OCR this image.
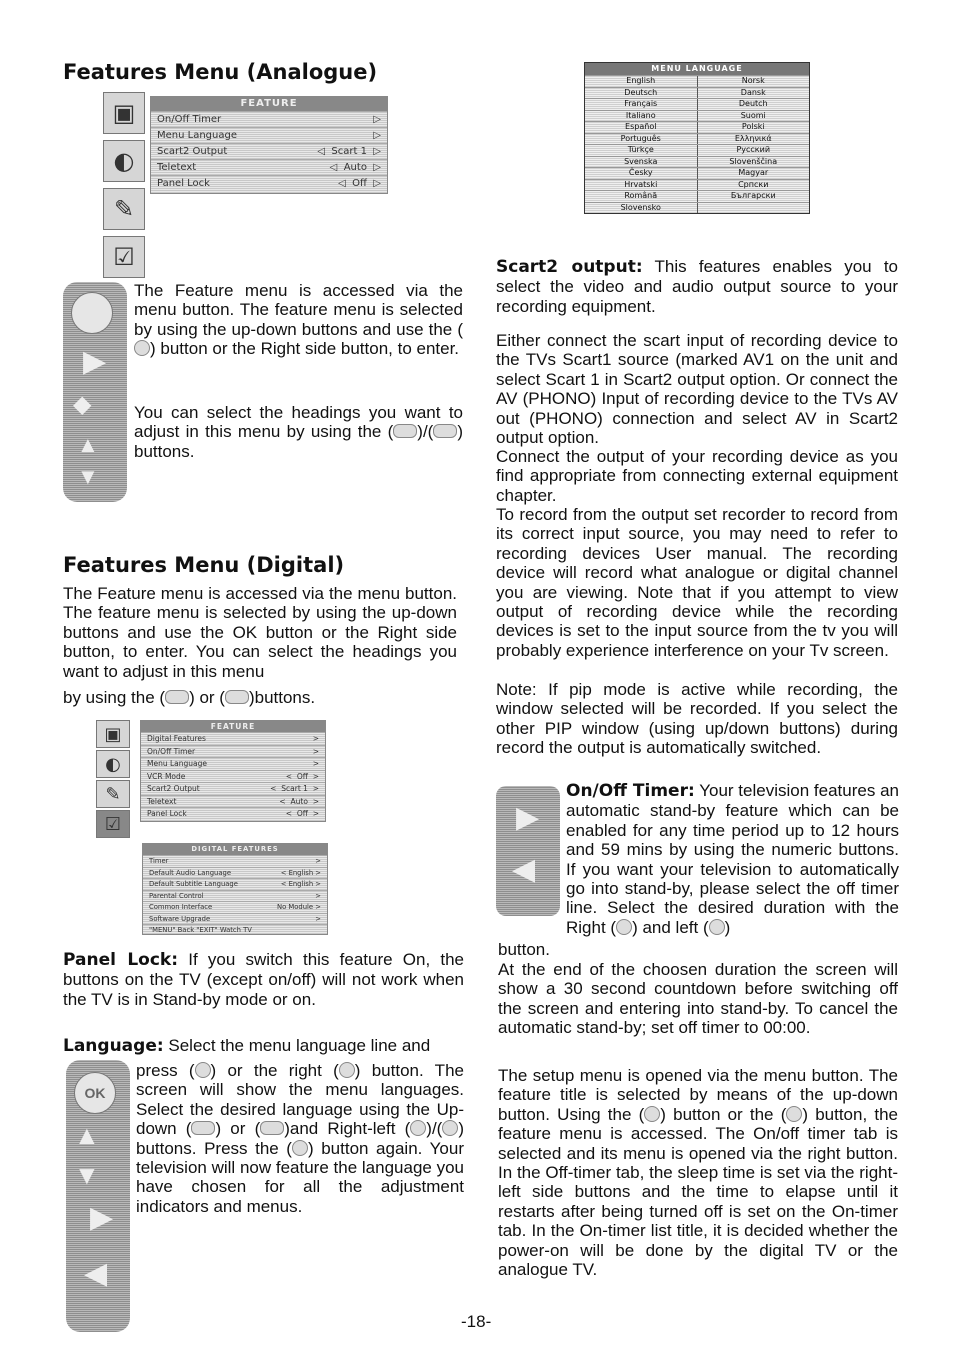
Features Menu (Analogue)
▣
◐
✎
☑
FEATURE
On/Off Timer	▷
Menu Language	▷
Scart2 Output	◁ Scart 1 ▷
Teletext	◁ Auto ▷
Panel Lock	◁ Off ▷
▶
◆
▲
▼

The Feature menu is accessed via the menu button. The feature menu is selected by using the up-down buttons and use the () button or the Right side button, to enter.

You can select the headings you want to adjust in this menu by using the ( )/( ) buttons.

Features Menu (Digital)

The Feature menu is accessed via the menu button. The feature menu is selected by using the up-down buttons and use the OK button or the Right side button, to enter. You can select the headings you want to adjust in this menu

by using the ( ) or ( )buttons.

▣
◐
✎
☑
FEATURE
Digital Features	>
On/Off Timer	>
Menu Language	>
VCR Mode	< Off >
Scart2 Output	< Scart 1 >
Teletext	< Auto >
Panel Lock	< Off >
DIGITAL FEATURES
Timer	>
Default Audio Language	< English >
Default Subtitle Language	< English >
Parental Control	>
Common Interface	No Module >
Software Upgrade	>
"MENU" Back "EXIT" Watch TV

Panel Lock: If you switch this feature On, the buttons on the TV (except on/off) will not work when the TV is in Stand-by mode or on.

Language: Select the menu language line and

OK
▲
▼
▶
◀

press ( ) or the right ( ) button. The screen will show the menu languages. Select the desired language using the Up-down ( ) or ( )and Right-left ( )/( ) buttons. Press the ( ) button again. Your television will now feature the language you have chosen for all the adjustment indicators and menus.

MENU LANGUAGE
English	Norsk
Deutsch	Dansk
Français	Deutch
Italiano	Suomi
Español	Polski
Português	Ελληνικά
Türkçe	Русский
Svenska	Slovenščina
Česky	Magyar
Hrvatski	Српски
Română	Български
Slovensko

Scart2 output: This features enables you to select the video and audio output source to your recording equipment.

Either connect the scart input of recording device to the TVs Scart1 source (marked AV1 on the unit and select Scart 1 in Scart2 output option. Or connect the AV (PHONO) Input of recording device to the TVs AV out (PHONO) connection and select AV in Scart2 output option.

Connect the output of your recording device as you find appropriate from connecting external equipment chapter.

To record from the output set recorder to record from its correct input source, you may need to refer to recording devices User manual. The recording device will record what analogue or digital channel you are viewing. Note that if you attempt to view output of recording device while the recording devices is set to the input source from the tv you will probably experience interference on your Tv screen.

Note: If pip mode is active while recording, the window selected will be recorded. If you select the other PIP window (using up/down buttons) during record the output is automatically switched.

▶
◀

On/Off Timer: Your television features an automatic stand-by feature which can be enabled for any time period up to 12 hours and 59 mins by using the numeric buttons. If you want your television to automatically go into stand-by, please select the off timer line. Select the desired duration with the Right ( ) and left ( )

button.

At the end of the choosen duration the screen will show a 30 second countdown before switching off the screen and entering into stand-by. To cancel the automatic stand-by; set off timer to 00:00.

The setup menu is opened via the menu button. The feature title is selected by means of the up-down button. Using the ( ) button or the ( ) button, the feature menu is accessed. The On/off timer tab is selected and its menu is opened via the right button. In the Off-timer tab, the sleep time is set via the right-left side buttons and the time to elapse until it restarts after being turned off is set on the On-timer tab. In the On-timer list title, it is decided whether the power-on will be done by the digital TV or the analogue TV.

-18-
